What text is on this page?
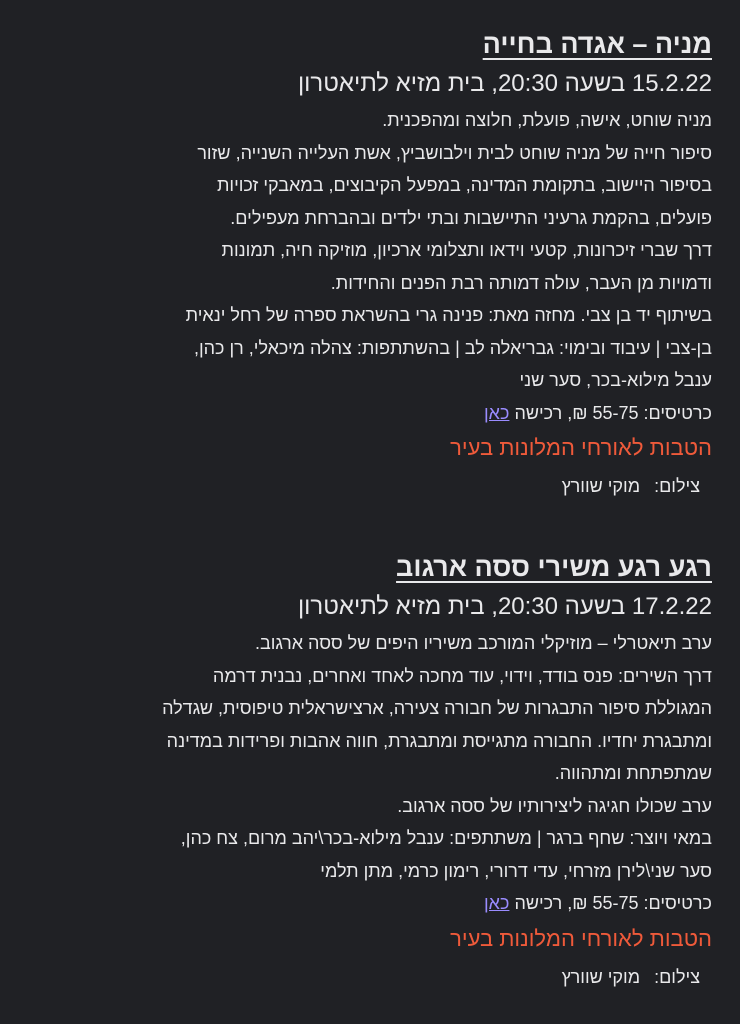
מניה – אגדה בחייה
15.2.22 בשעה 20:30, בית מזיא לתיאטרון

מניה שוחט, אישה, פועלת, חלוצה ומהפכנית.

סיפור חייה של מניה שוחט לבית וילבושביץ, אשת העלייה השנייה, שזור

בסיפור היישוב, בתקומת המדינה, במפעל הקיבוצים, במאבקי זכויות

פועלים, בהקמת גרעיני התיישבות ובתי ילדים ובהברחת מעפילים.

דרך שברי זיכרונות, קטעי וידאו ותצלומי ארכיון, מוזיקה חיה, תמונות

ודמויות מן העבר, עולה דמותה רבת הפנים והחידות.

בשיתוף יד בן צבי. מחזה מאת: פנינה גרי בהשראת ספרה של רחל ינאית

בן-צבי | עיבוד ובימוי: גבריאלה לב | בהשתתפות: צהלה מיכאלי, רן כהן,

ענבל מילוא-בכר, סער שני

כרטיסים: 55-75 ₪, רכישה כאן

הטבות לאורחי המלונות בעיר
צילום:מוקי שוורץ
רגע רגע משירי ססה ארגוב
17.2.22 בשעה 20:30, בית מזיא לתיאטרון

ערב תיאטרלי – מוזיקלי המורכב משיריו היפים של ססה ארגוב.

דרך השירים: פנס בודד, וידוי, עוד מחכה לאחד ואחרים, נבנית דרמה

המגוללת סיפור התבגרות של חבורה צעירה, ארצישראלית טיפוסית, שגדלה

ומתבגרת יחדיו. החבורה מתגייסת ומתבגרת, חווה אהבות ופרידות במדינה

שמתפתחת ומתהווה.

ערב שכולו חגיגה ליצירותיו של ססה ארגוב.

במאי ויוצר: שחף ברגר | משתתפים: ענבל מילוא-בכר\יהב מרום, צח כהן,

סער שני\לירן מזרחי, עדי דרורי, רימון כרמי, מתן תלמי

כרטיסים: 55-75 ₪, רכישה כאן

הטבות לאורחי המלונות בעיר
צילום:מוקי שוורץ
